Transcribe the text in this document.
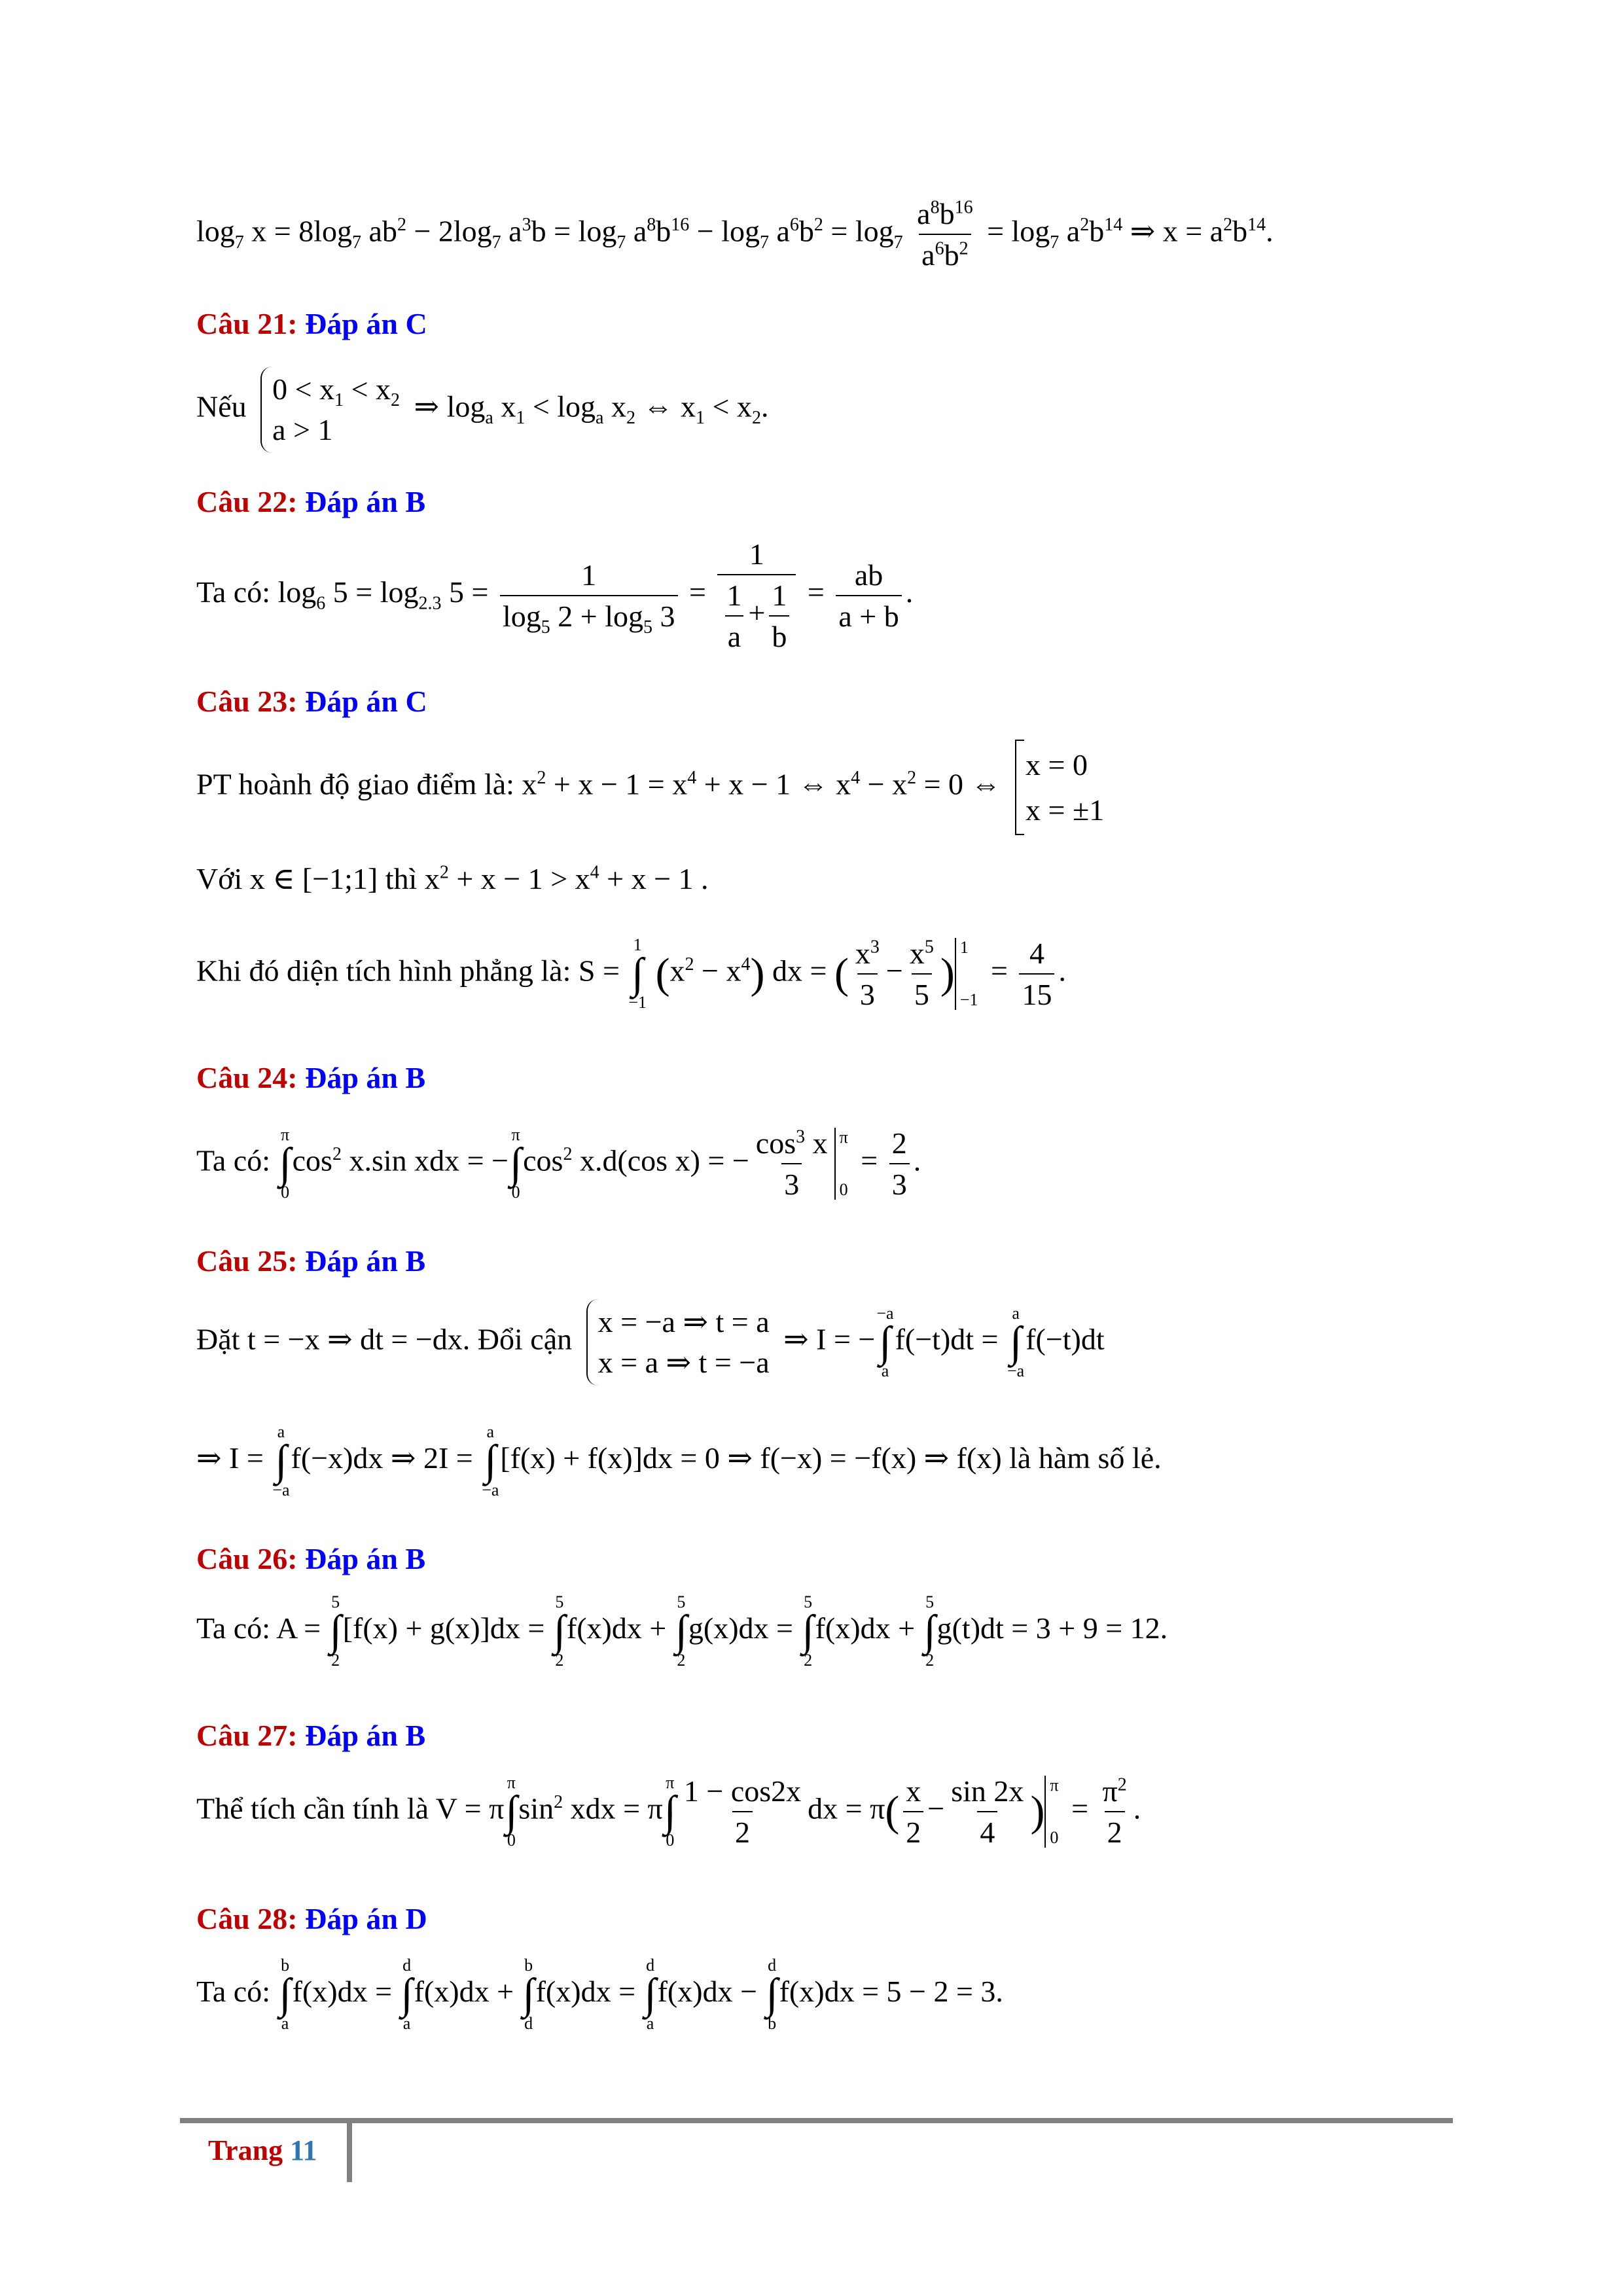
$\log_7 x = 8\log_7$ $ab^2 - 2\log_7$ $a^3b = \log_7 a^8b^{16} - \log_7 a^6b^2 = \log_7 \frac{a^8b^{16}}{a^6b^2} = \log_7 a^2b^{14}$ ⇒ $x = a^2b^{14}$.
Câu 21: Đáp án C
Nếu
$0 < x_1 < x_2$
a > 1
⇒ $\log_a x_1 < \log_a x_2$ ⇔ $x_1 < x_2$.
Câu 22: Đáp án B
Ta có: $\log_6 5 = \log_{2.3} 5 = \frac{1}{\log_5 2 + \log_5 3} = \frac{1}{\frac{1}{a} + \frac{1}{b}} = \frac{ab}{a + b}$ .
Câu 23: Đáp án C
PT hoành độ giao điểm là: $x^2 + x - 1 = x^4 + x - 1$ ⇔ $x^4 - x^2 = 0$ ⇔
x = 0
x = ±1
Với x ∈ [−1;1] thì $x^2 + x - 1 > x^4 + x - 1$ .
Khi đó diện tích hình phẳng là: S =
1
∫
−1
$(x^2 - x^4)$ dx = ( $\frac{x^3}{3} - \frac{x^5}{5}$ )
1
−1
= $\frac{4}{15}$ .
Câu 24: Đáp án B
Ta có:
π
∫
0
$\cos^2 x.\sin$ xdx = −
π
∫
0
$\cos^2 x.d(\cos$ x) = − $\frac{\cos^3 x}{3}$ π
0
= $\frac{2}{3}$ .
Câu 25: Đáp án B
Đặt t = −x ⇒ dt = −dx. Đổi cận
x = −a ⇒ t = a
x = a ⇒ t = −a
⇒ I = −
−a
∫
a
f(−t)dt =
a
∫
−a
f(−t)dt
⇒ I =
a
∫
−a
f(−x)dx ⇒ 2I =
a
∫
−a
[f(x) + f(x)]dx = 0 ⇒ f(−x) = −f(x) ⇒ f(x) là hàm số lẻ.
Câu 26: Đáp án B
Ta có: A =
5
∫
2
[f(x) + g(x)]dx =
5
∫
2
f(x)dx +
5
∫
2
g(x)dx =
5
∫
2
f(x)dx +
5
∫
2
g(t)dt = 3 + 9 = 12.
Câu 27: Đáp án B
Thể tích cần tính là V = π
π
∫
0
$\sin^2$ xdx = π
π
∫
$0 \frac{1 - \cos 2x}{2}$ dx = $\pi( \frac{x}{2} - \frac{\sin 2x}{4}$ )
π
0
= $\frac{\pi^2}{2}$ .
Câu 28: Đáp án D
Ta có:
b
∫
a
f(x)dx =
d
∫
a
f(x)dx +
b
∫
d
f(x)dx =
d
∫
a
f(x)dx −
d
∫
b
f(x)dx = 5 − 2 = 3.
Trang 11
